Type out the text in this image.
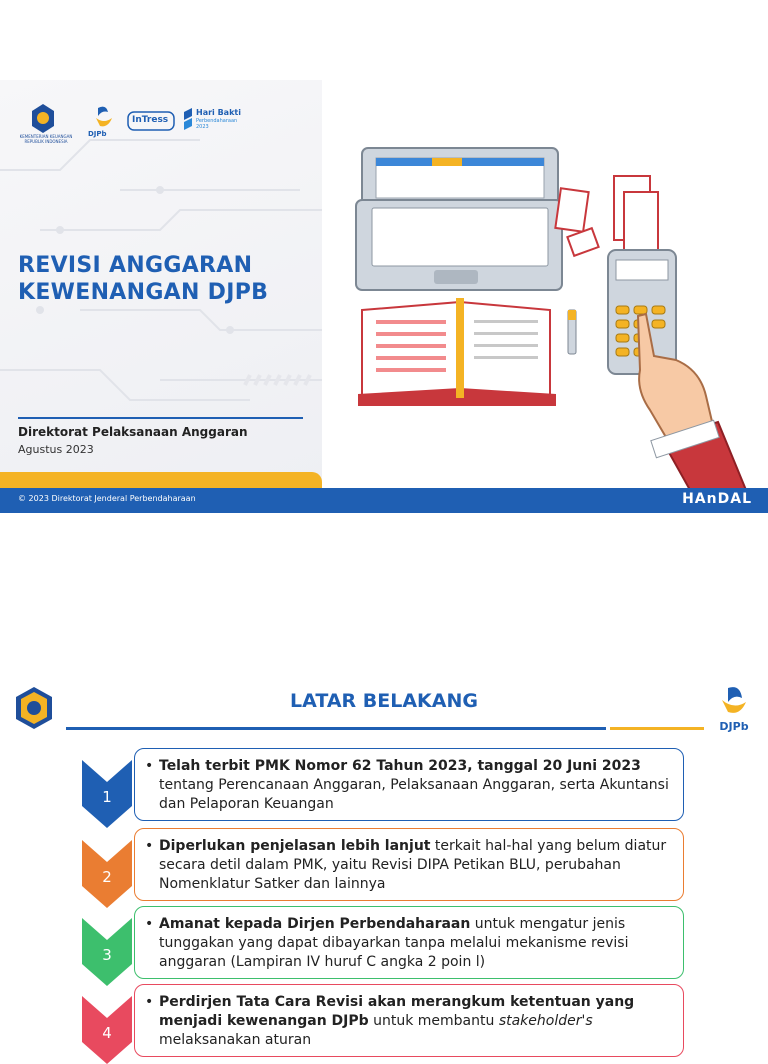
KEMENTERIAN KEUANGAN
REPUBLIK INDONESIA
DJPb
InTress
Hari Bakti
Perbendaharaan
2023
REVISI ANGGARAN
KEWENANGAN DJPB
Direktorat Pelaksanaan Anggaran
Agustus 2023
© 2023 Direktorat Jenderal Perbendaharaan	HAnDAL
LATAR BELAKANG
DJPb
1
• Telah terbit PMK Nomor 62 Tahun 2023, tanggal 20 Juni 2023 tentang Perencanaan Anggaran, Pelaksanaan Anggaran, serta Akuntansi dan Pelaporan Keuangan
2
• Diperlukan penjelasan lebih lanjut terkait hal-hal yang belum diatur secara detil dalam PMK, yaitu Revisi DIPA Petikan BLU, perubahan Nomenklatur Satker dan lainnya
3
• Amanat kepada Dirjen Perbendaharaan untuk mengatur jenis tunggakan yang dapat dibayarkan tanpa melalui mekanisme revisi anggaran (Lampiran IV huruf C angka 2 poin l)
4
• Perdirjen Tata Cara Revisi akan merangkum ketentuan yang menjadi kewenangan DJPb untuk membantu stakeholder's melaksanakan aturan
